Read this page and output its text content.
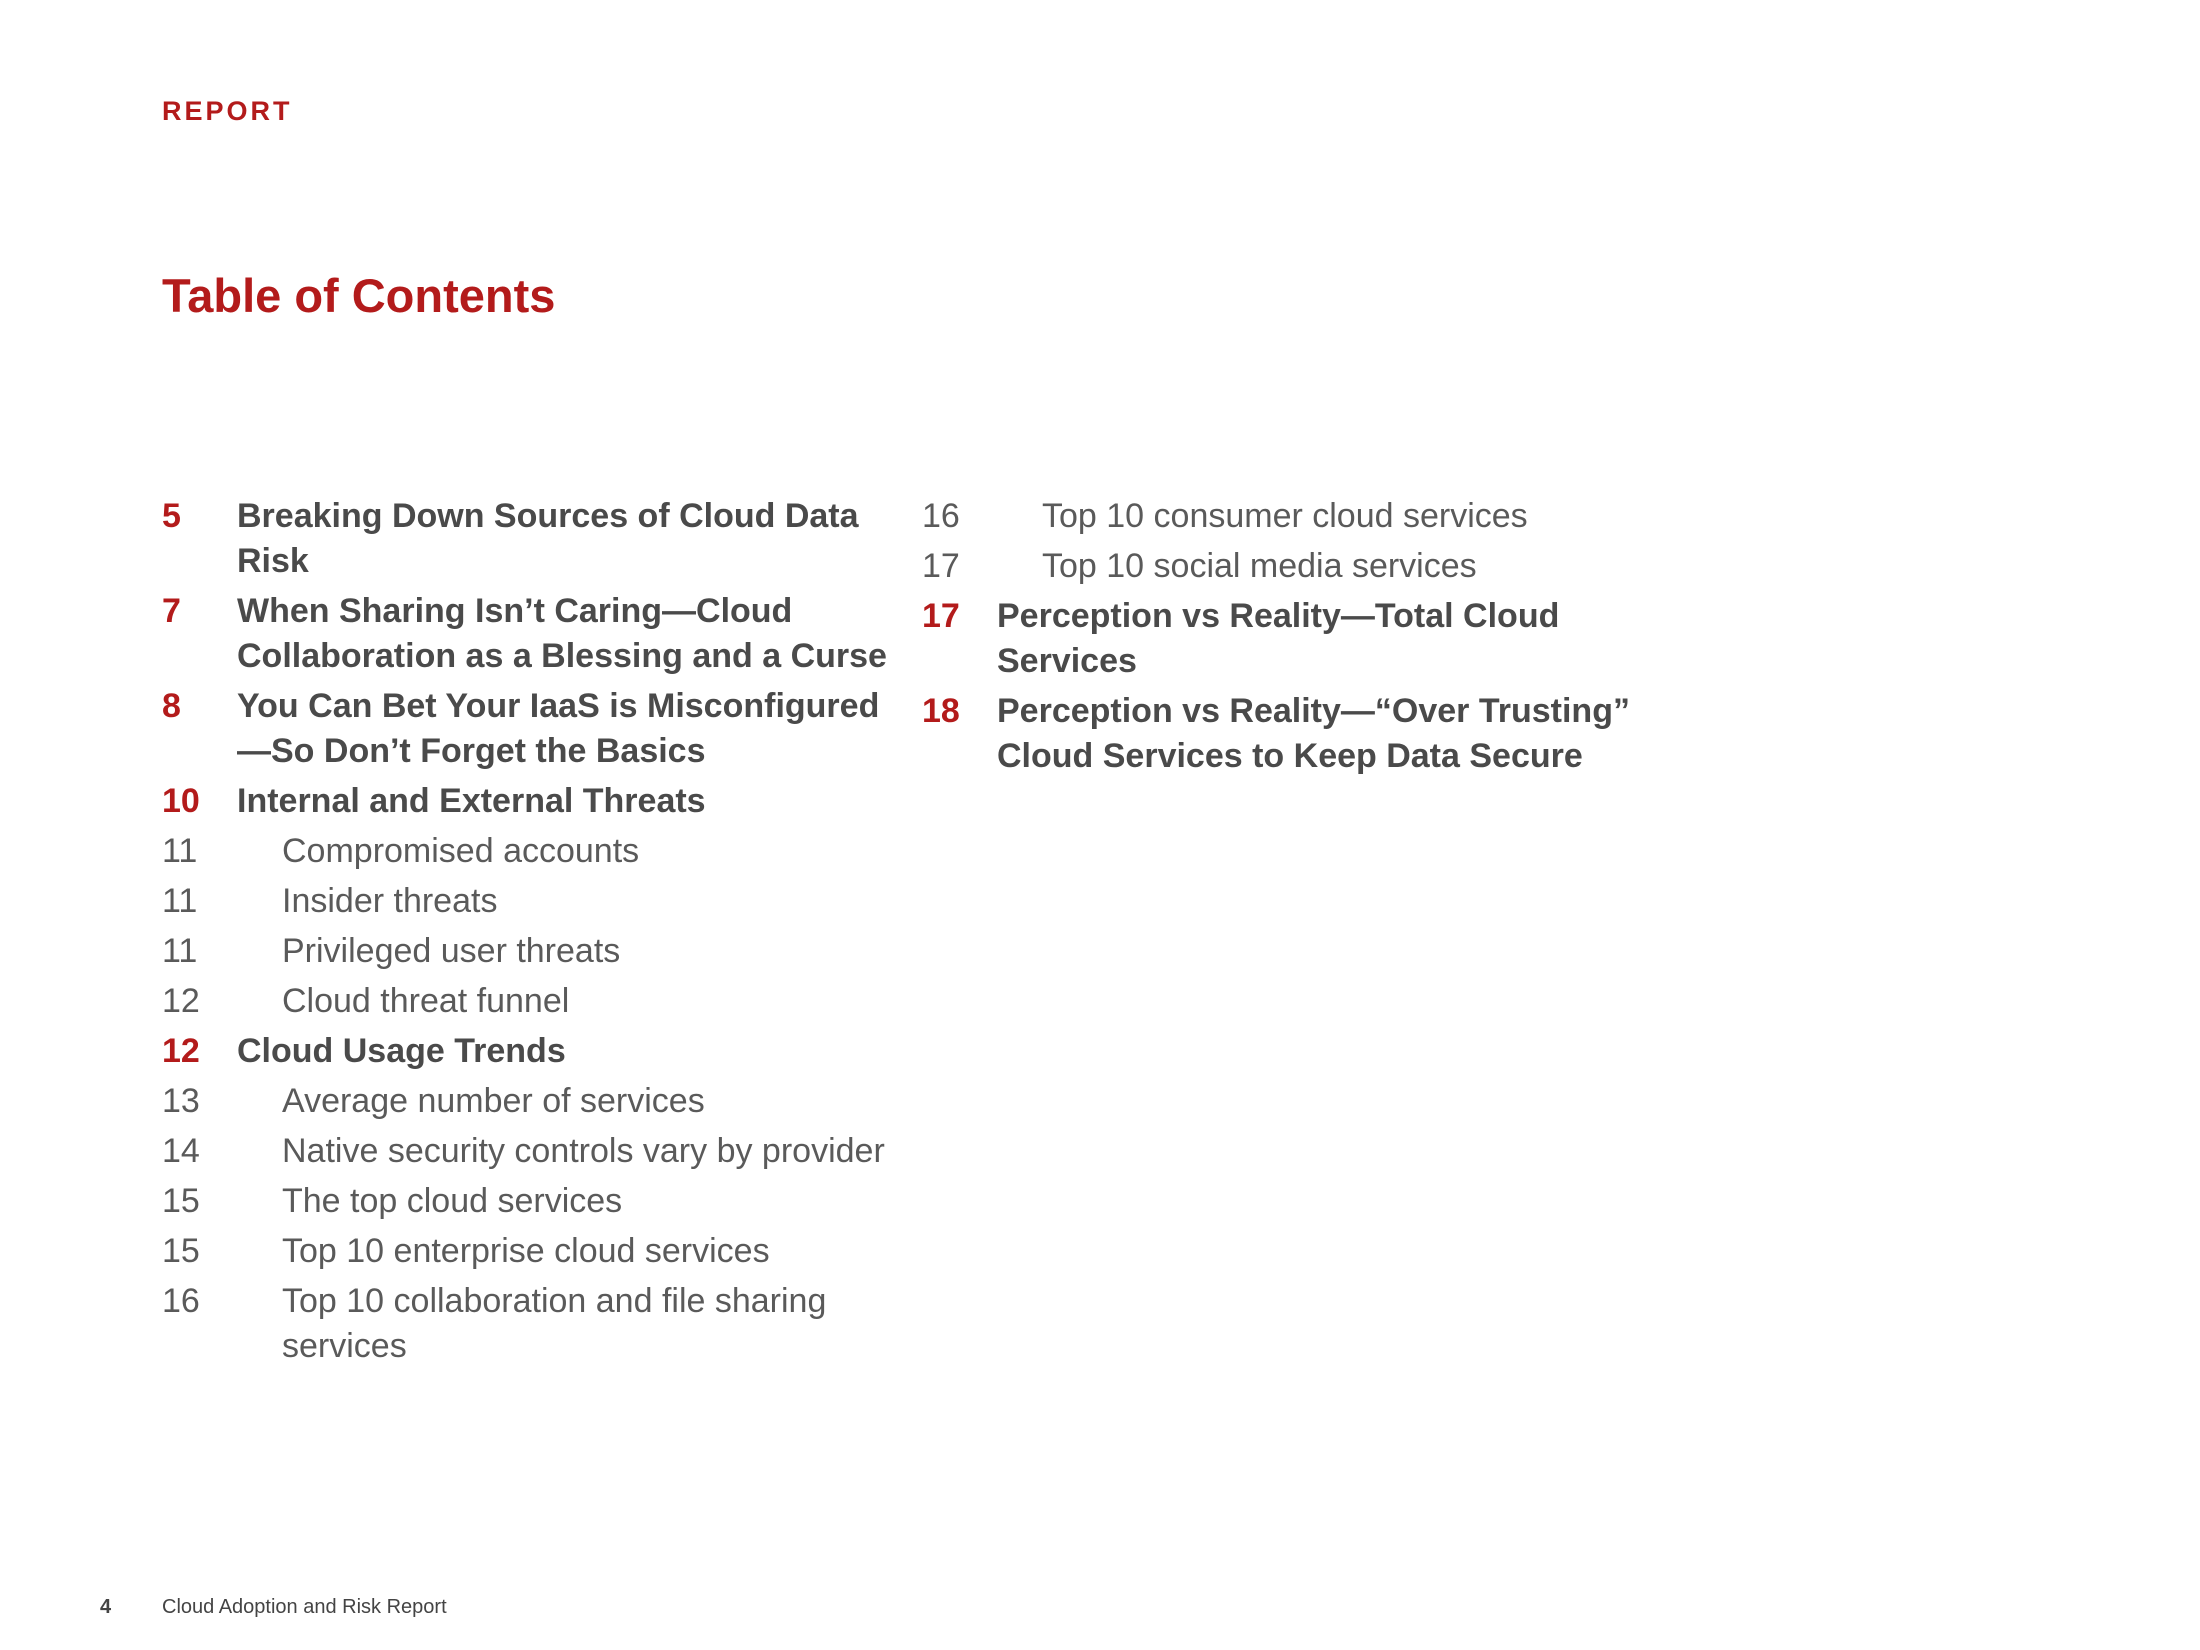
REPORT
Table of Contents
5	Breaking Down Sources of Cloud Data Risk
7	When Sharing Isn’t Caring—Cloud Collaboration as a Blessing and a Curse
8	You Can Bet Your IaaS is Misconfigured —So Don’t Forget the Basics
10	Internal and External Threats
11	Compromised accounts
11	Insider threats
11	Privileged user threats
12	Cloud threat funnel
12	Cloud Usage Trends
13	Average number of services
14	Native security controls vary by provider
15	The top cloud services
15	Top 10 enterprise cloud services
16	Top 10 collaboration and file sharing services
16	Top 10 consumer cloud services
17	Top 10 social media services
17	Perception vs Reality—Total Cloud Services
18	Perception vs Reality—“Over Trusting” Cloud Services to Keep Data Secure
4	Cloud Adoption and Risk Report
